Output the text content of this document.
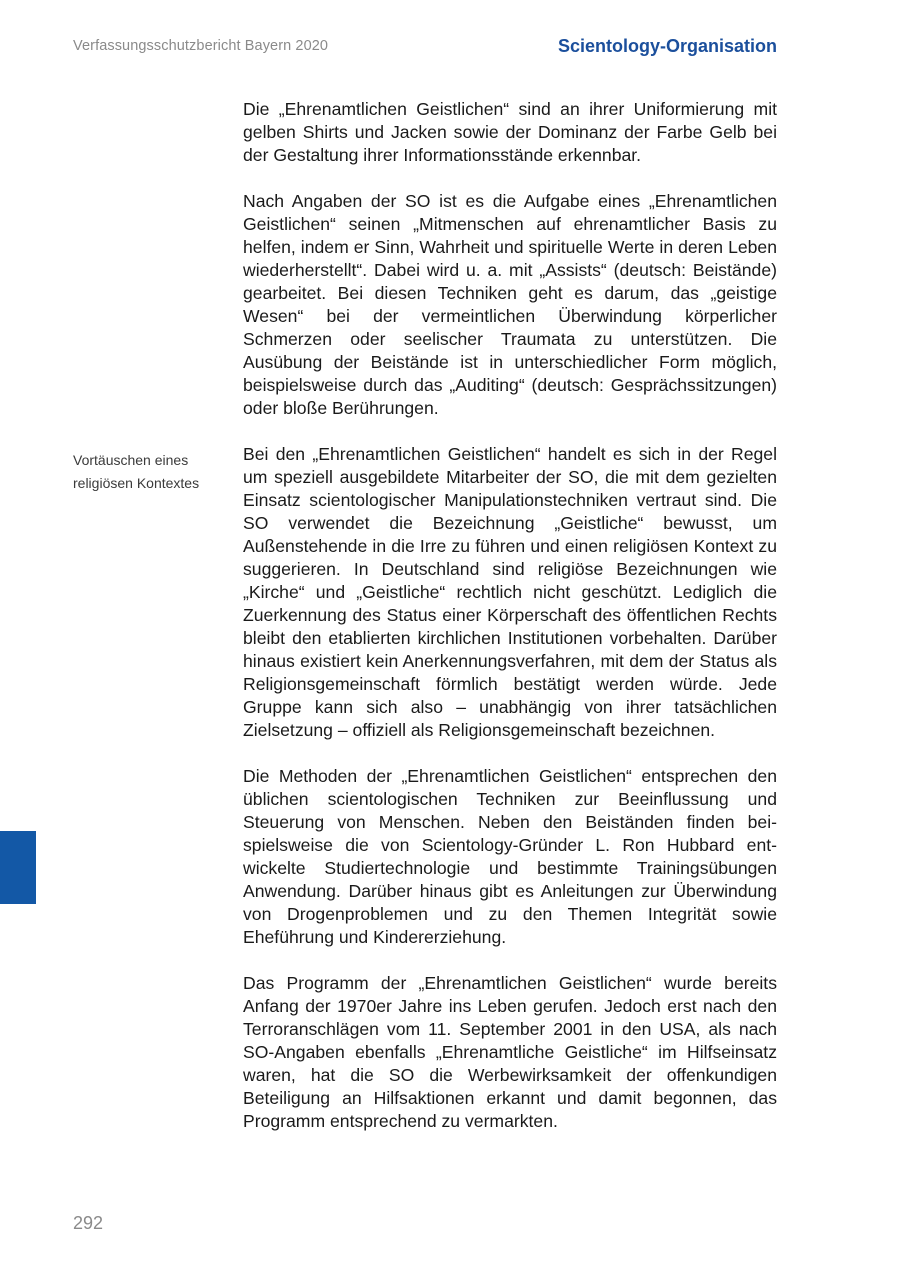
Verfassungsschutzbericht Bayern 2020	Scientology-Organisation
Vortäuschen eines
religiösen Kontextes

Die „Ehrenamtlichen Geistlichen“ sind an ihrer Uniformierung mit gelben Shirts und Jacken sowie der Dominanz der Farbe Gelb bei der Gestaltung ihrer Informationsstände erkennbar.

Nach Angaben der SO ist es die Aufgabe eines „Ehrenamtlichen Geistlichen“ seinen „Mitmenschen auf ehrenamtlicher Basis zu helfen, indem er Sinn, Wahrheit und spirituelle Werte in deren Leben wiederherstellt“. Dabei wird u. a. mit „Assists“ (deutsch: Beistände) gearbeitet. Bei diesen Techniken geht es darum, das „geistige Wesen“ bei der vermeintlichen Überwindung körperlicher Schmerzen oder seelischer Traumata zu unterstützen. Die Ausübung der Beistände ist in unterschiedlicher Form möglich, beispielsweise durch das „Auditing“ (deutsch: Gesprächssitzungen) oder bloße Berührungen.

Bei den „Ehrenamtlichen Geistlichen“ handelt es sich in der Regel um speziell ausgebildete Mitarbeiter der SO, die mit dem gezielten Einsatz scientologischer Manipulationstechniken vertraut sind. Die SO verwendet die Bezeichnung „Geistliche“ bewusst, um Außenstehende in die Irre zu führen und einen religiösen Kontext zu suggerieren. In Deutschland sind religiöse Bezeichnungen wie „Kirche“ und „Geistliche“ rechtlich nicht geschützt. Lediglich die Zuerkennung des Status einer Körperschaft des öffentlichen Rechts bleibt den etablierten kirchlichen Institutionen vorbehalten. Darüber hinaus existiert kein Anerkennungsverfahren, mit dem der Status als Religionsgemeinschaft förmlich bestätigt werden würde. Jede Gruppe kann sich also – unabhängig von ihrer tatsächlichen Zielsetzung – offiziell als Religionsgemeinschaft bezeichnen.

Die Methoden der „Ehrenamtlichen Geistlichen“ entsprechen den üblichen scientologischen Techniken zur Beeinflussung und Steuerung von Menschen. Neben den Beiständen finden beispielsweise die von Scientology-Gründer L. Ron Hubbard entwickelte Studiertechnologie und bestimmte Trainingsübungen Anwendung. Darüber hinaus gibt es Anleitungen zur Überwindung von Drogenproblemen und zu den Themen Integrität sowie Eheführung und Kindererziehung.

Das Programm der „Ehrenamtlichen Geistlichen“ wurde bereits Anfang der 1970er Jahre ins Leben gerufen. Jedoch erst nach den Terroranschlägen vom 11. September 2001 in den USA, als nach SO-Angaben ebenfalls „Ehrenamtliche Geistliche“ im Hilfseinsatz waren, hat die SO die Werbewirksamkeit der offenkundigen Beteiligung an Hilfsaktionen erkannt und damit begonnen, das Programm entsprechend zu vermarkten.

292
